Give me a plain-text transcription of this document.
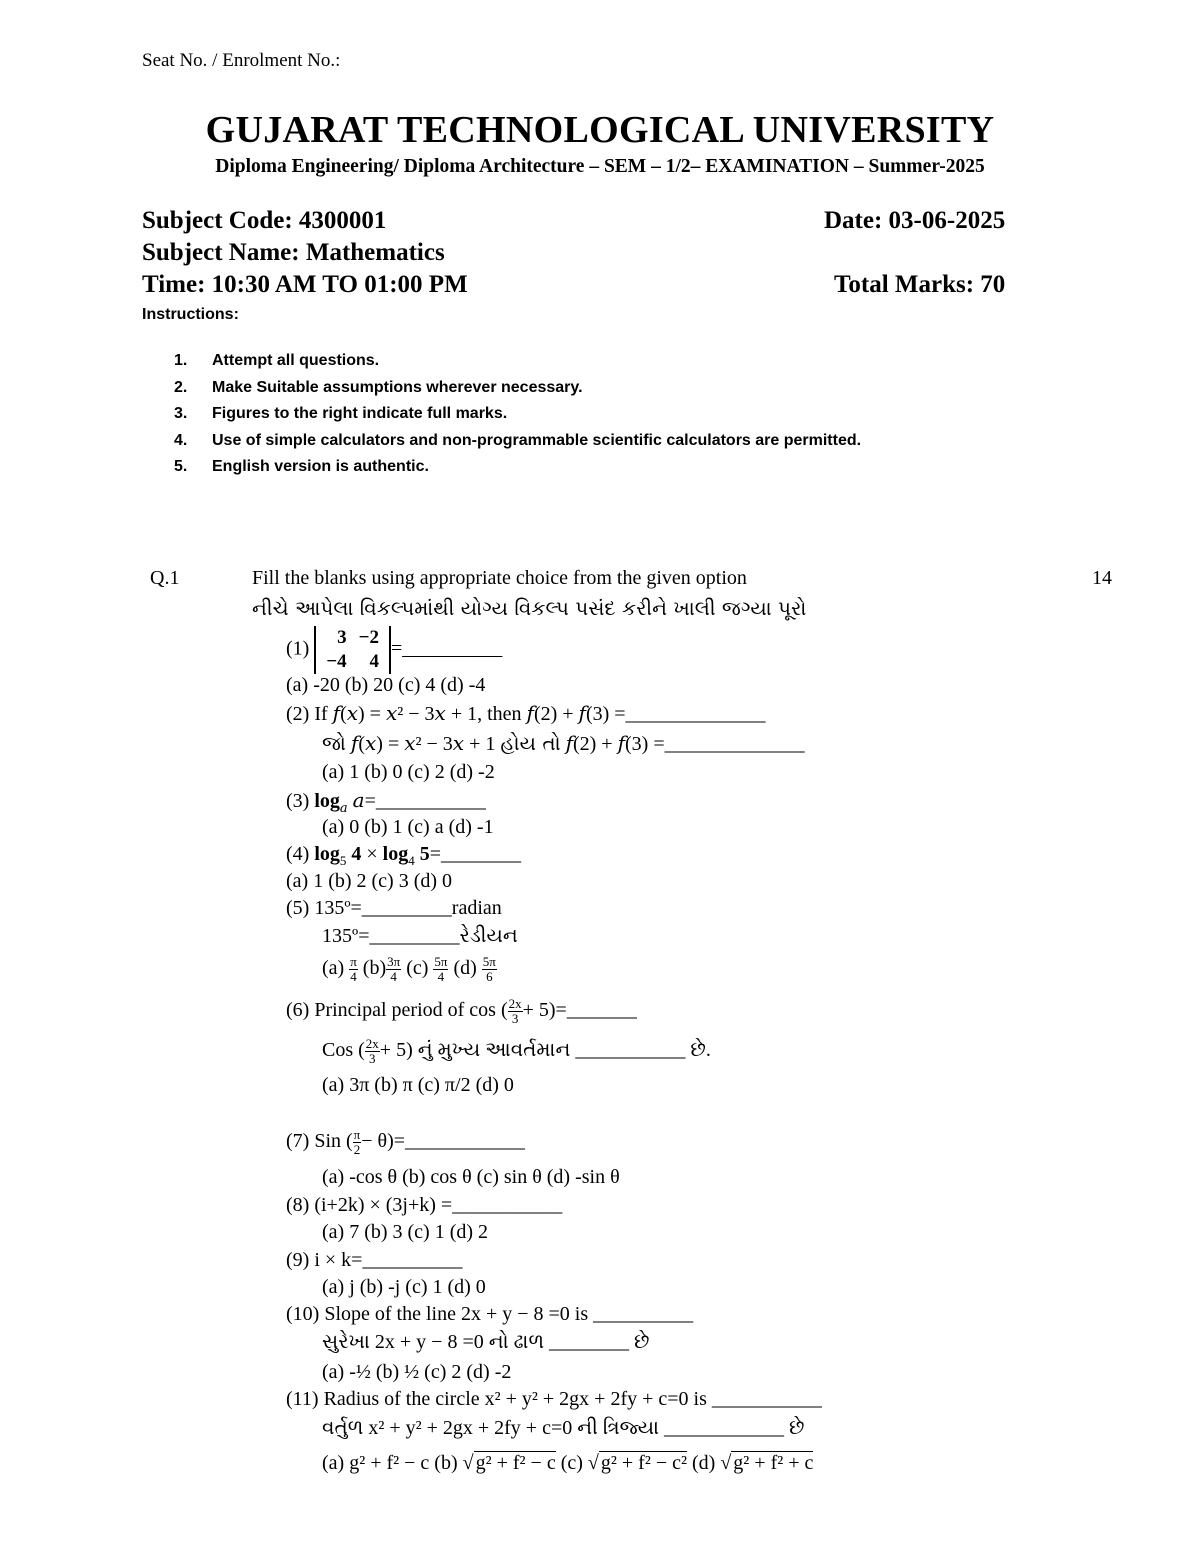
Seat No. / Enrolment No.:
GUJARAT TECHNOLOGICAL UNIVERSITY
Diploma Engineering/ Diploma Architecture – SEM – 1/2– EXAMINATION – Summer-2025
Subject Code: 4300001	Date: 03-06-2025
Subject Name: Mathematics
Time: 10:30 AM TO 01:00 PM	Total Marks: 70
Instructions:
1. Attempt all questions.
2. Make Suitable assumptions wherever necessary.
3. Figures to the right indicate full marks.
4. Use of simple calculators and non-programmable scientific calculators are permitted.
5. English version is authentic.
Q.1	Fill the blanks using appropriate choice from the given option	14
નીચે આપેલા વિકલ્પમાંથી યોગ્ય વિકલ્પ પસંદ કરીને ખાલી જગ્યા પૂરો
(1)
3	−2
−4	4
=__________
(a) -20 (b) 20 (c) 4 (d) -4
(2) If f(x) = x² − 3x + 1, then f(2) + f(3) =______________
જો f(x) = x² − 3x + 1 હોય તો f(2) + f(3) =______________
(a) 1 (b) 0 (c) 2 (d) -2
(3) $\log_a$ a=___________
(a) 0 (b) 1 (c) a (d) -1
(4) $\log_5 4 \times \log_4$ 5=________
(a) 1 (b) 2 (c) 3 (d) 0
(5) 135º=_________radian
135º=_________રેડીયન
$(a) \frac{\pi}{4} (b) \frac{3\pi}{4} (c) \frac{5\pi}{4} (d) \frac{5\pi}{6}$
(6) Principal period of cos ( $\frac{2x}{3}$ + 5)=_______
Cos ( $\frac{2x}{3} + 5$) નું મુખ્ય આવર્તમાન ___________ છે.
(a) 3π (b) π (c) π/2 (d) 0
(7) Sin ( $\frac{\pi}{2}$ − θ)=____________
(a) -cos θ (b) cos θ (c) sin θ (d) -sin θ
(8) (i+2k) × (3j+k) =___________
(a) 7 (b) 3 (c) 1 (d) 2
(9) i × k=__________
(a) j (b) -j (c) 1 (d) 0
(10) Slope of the line 2x + y − 8 =0 is __________
સુરેખા 2x + y − 8 =0 નો ઢાળ ________ છે
(a) -½ (b) ½ (c) 2 (d) -2
(11) Radius of the circle x² + y² + 2gx + 2fy + c=0 is ___________
વર્તુળ x² + y² + 2gx + 2fy + c=0 ની ત્રિજ્યા ____________ છે
(a) g² + f² − c (b) √ g² + f² − c (c) √ g² + f² − c² (d) √ g² + f² + c
